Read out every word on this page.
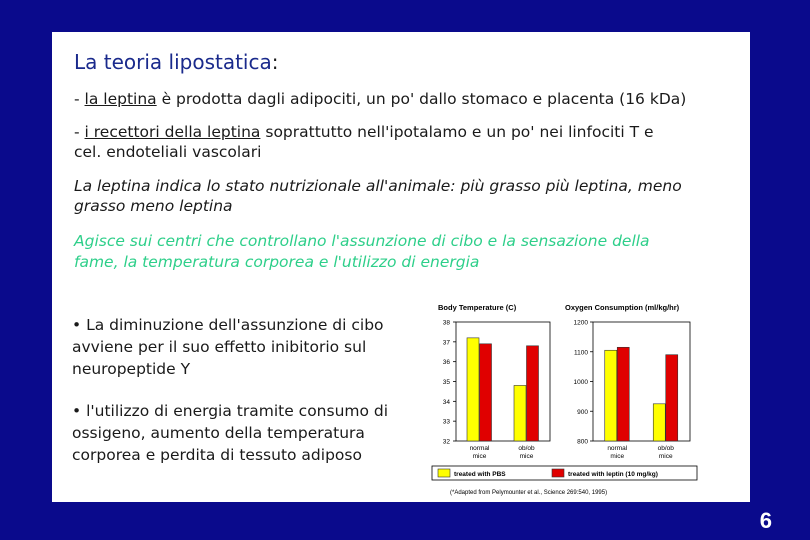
La teoria lipostatica:
- la leptina è prodotta dagli adipociti, un po' dallo stomaco e placenta (16 kDa)
- i recettori della leptina soprattutto nell'ipotalamo e un po' nei linfociti T e
cel. endoteliali vascolari
La leptina indica lo stato nutrizionale all'animale: più grasso più leptina, meno
grasso meno leptina
Agisce sui centri che controllano l'assunzione di cibo e la sensazione della
fame, la temperatura corporea e l'utilizzo di energia
• La diminuzione dell'assunzione di cibo
avviene per il suo effetto inibitorio sul
neuropeptide Y
• l'utilizzo di energia tramite consumo di
ossigeno, aumento della temperatura
corporea e perdita di tessuto adiposo
Body Temperature (C)
32
33
34
35
36
37
38
normal
mice
ob/ob
mice
Oxygen Consumption (ml/kg/hr)
800
900
1000
1100
1200
normal
mice
ob/ob
mice
treated with PBS	treated with leptin (10 mg/kg)
(*Adapted from Pelymounter et al., Science 269:540, 1995)
6
